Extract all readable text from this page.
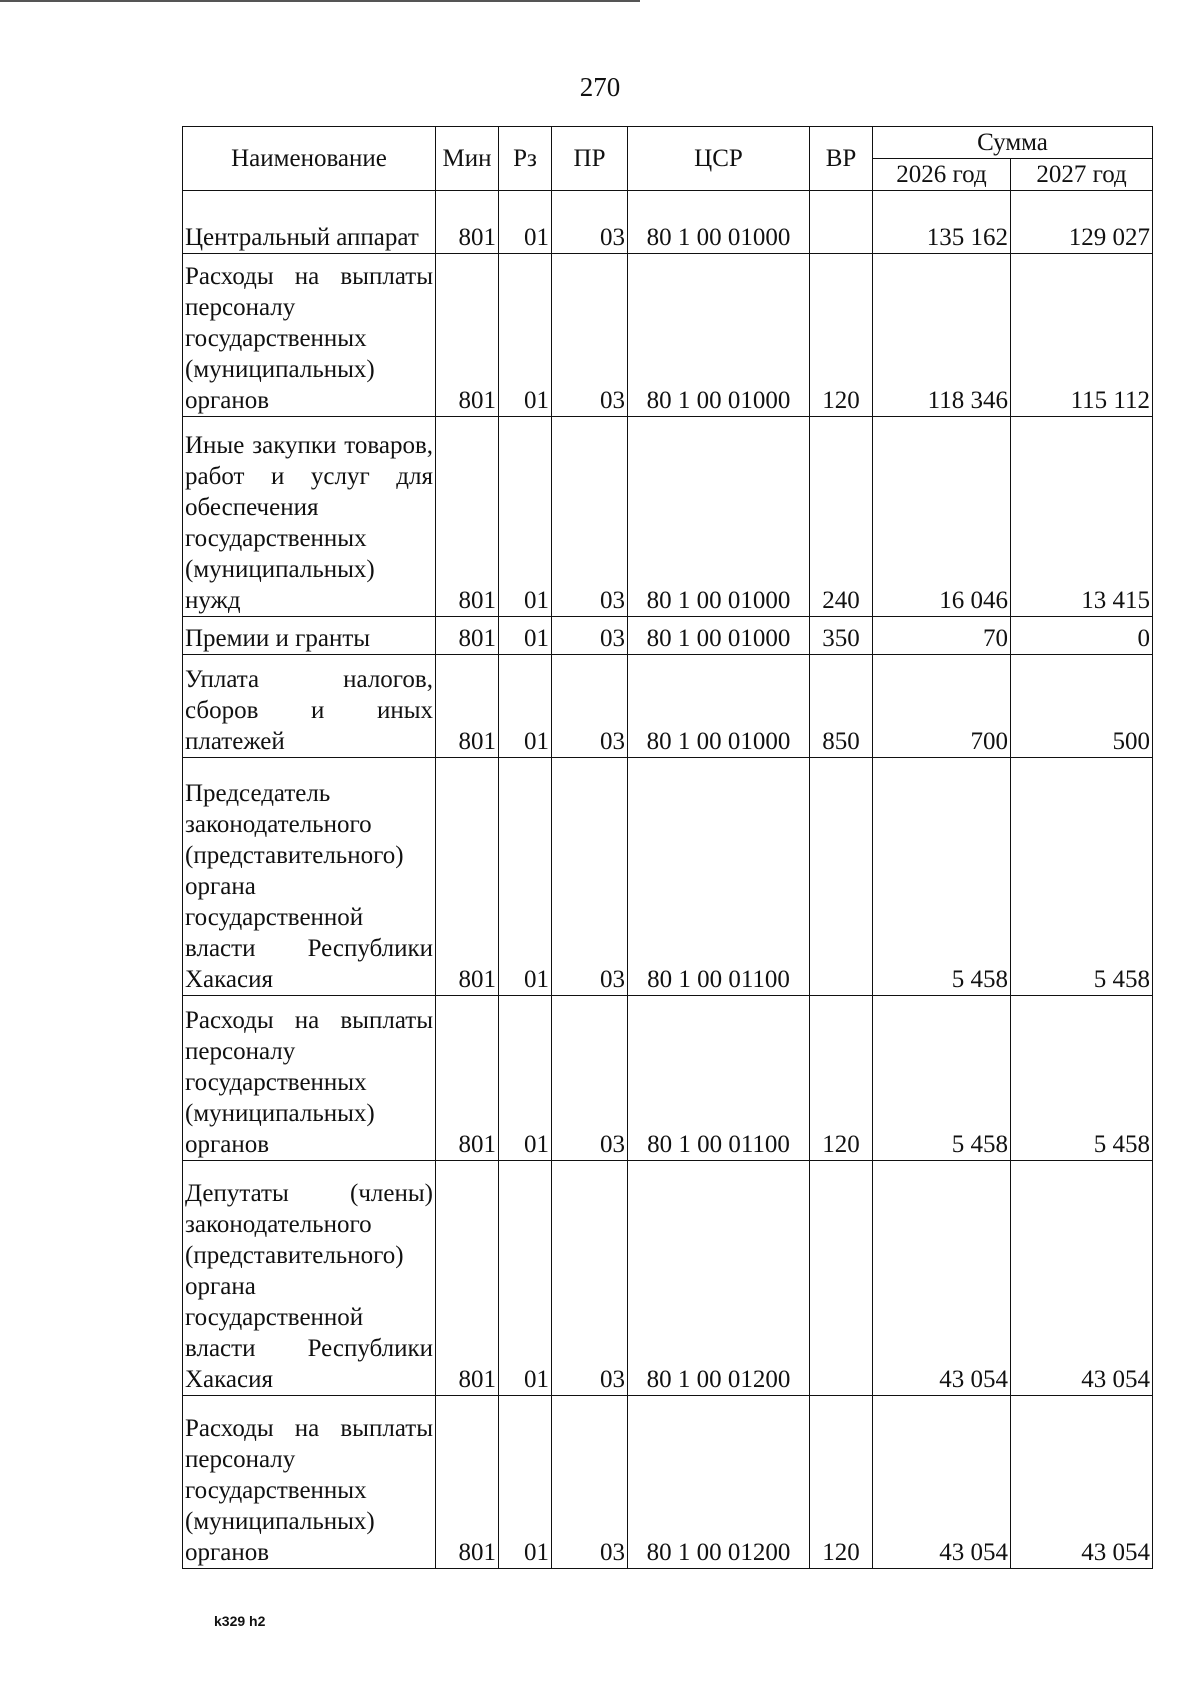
270
Наименование	Мин	Рз	ПР	ЦСР	ВР	Сумма	
						2026 год	2027 год
Центральный аппарат	801	01	03	80 1 00 01000		135 162	129 027
Расходы на выплаты персоналу государственных (муниципальных) органов	801	01	03	80 1 00 01000	120	118 346	115 112
Иные закупки товаров, работ и услуг для обеспечения государственных (муниципальных) нужд	801	01	03	80 1 00 01000	240	16 046	13 415
Премии и гранты	801	01	03	80 1 00 01000	350	70	0
Уплата налогов, сборов и иных платежей	801	01	03	80 1 00 01000	850	700	500
Председатель законодательного (представительного) органа государственной власти Республики Хакасия	801	01	03	80 1 00 01100		5 458	5 458
Расходы на выплаты персоналу государственных (муниципальных) органов	801	01	03	80 1 00 01100	120	5 458	5 458
Депутаты (члены) законодательного (представительного) органа государственной власти Республики Хакасия	801	01	03	80 1 00 01200		43 054	43 054
Расходы на выплаты персоналу государственных (муниципальных) органов	801	01	03	80 1 00 01200	120	43 054	43 054
k329 h2
